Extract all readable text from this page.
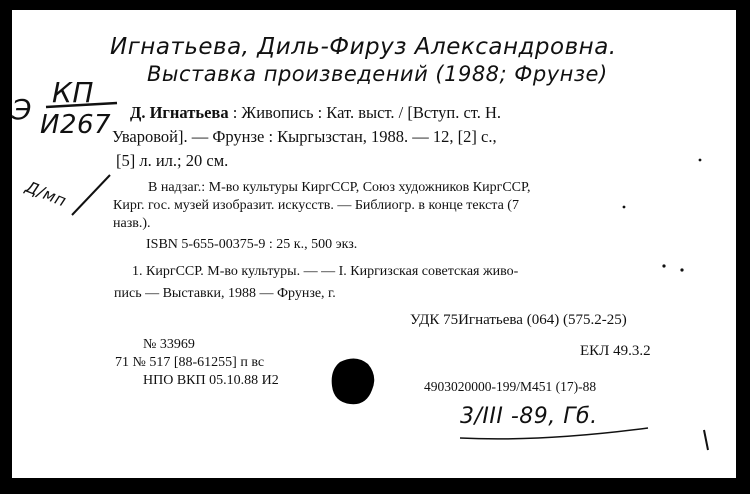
Игнатьева, Диль-Фируз Александровна.
Выставка произведений (1988; Фрунзе)
Э
КП
И267
Д/мп
Д. Игнатьева : Живопись : Кат. выст. / [Вступ. ст. Н.
Уваровой]. — Фрунзе : Кыргызстан, 1988. — 12, [2] с.,
[5] л. ил.; 20 см.
В надзаг.: М-во культуры КиргССР, Союз художников КиргССР,
Кирг. гос. музей изобразит. искусств. — Библиогр. в конце текста (7
назв.).
ISBN 5-655-00375-9 : 25 к., 500 экз.
1. КиргССР. М-во культуры. — — I. Киргизская советская живо-
пись — Выставки, 1988 — Фрунзе, г.
УДК 75Игнатьева (064) (575.2-25)
ЕКЛ 49.3.2
№ 33969
71 № 517 [88-61255] п вс
НПО ВКП 05.10.88 И2	4903020000-199/М451 (17)-88
3/III -89, Гб.
